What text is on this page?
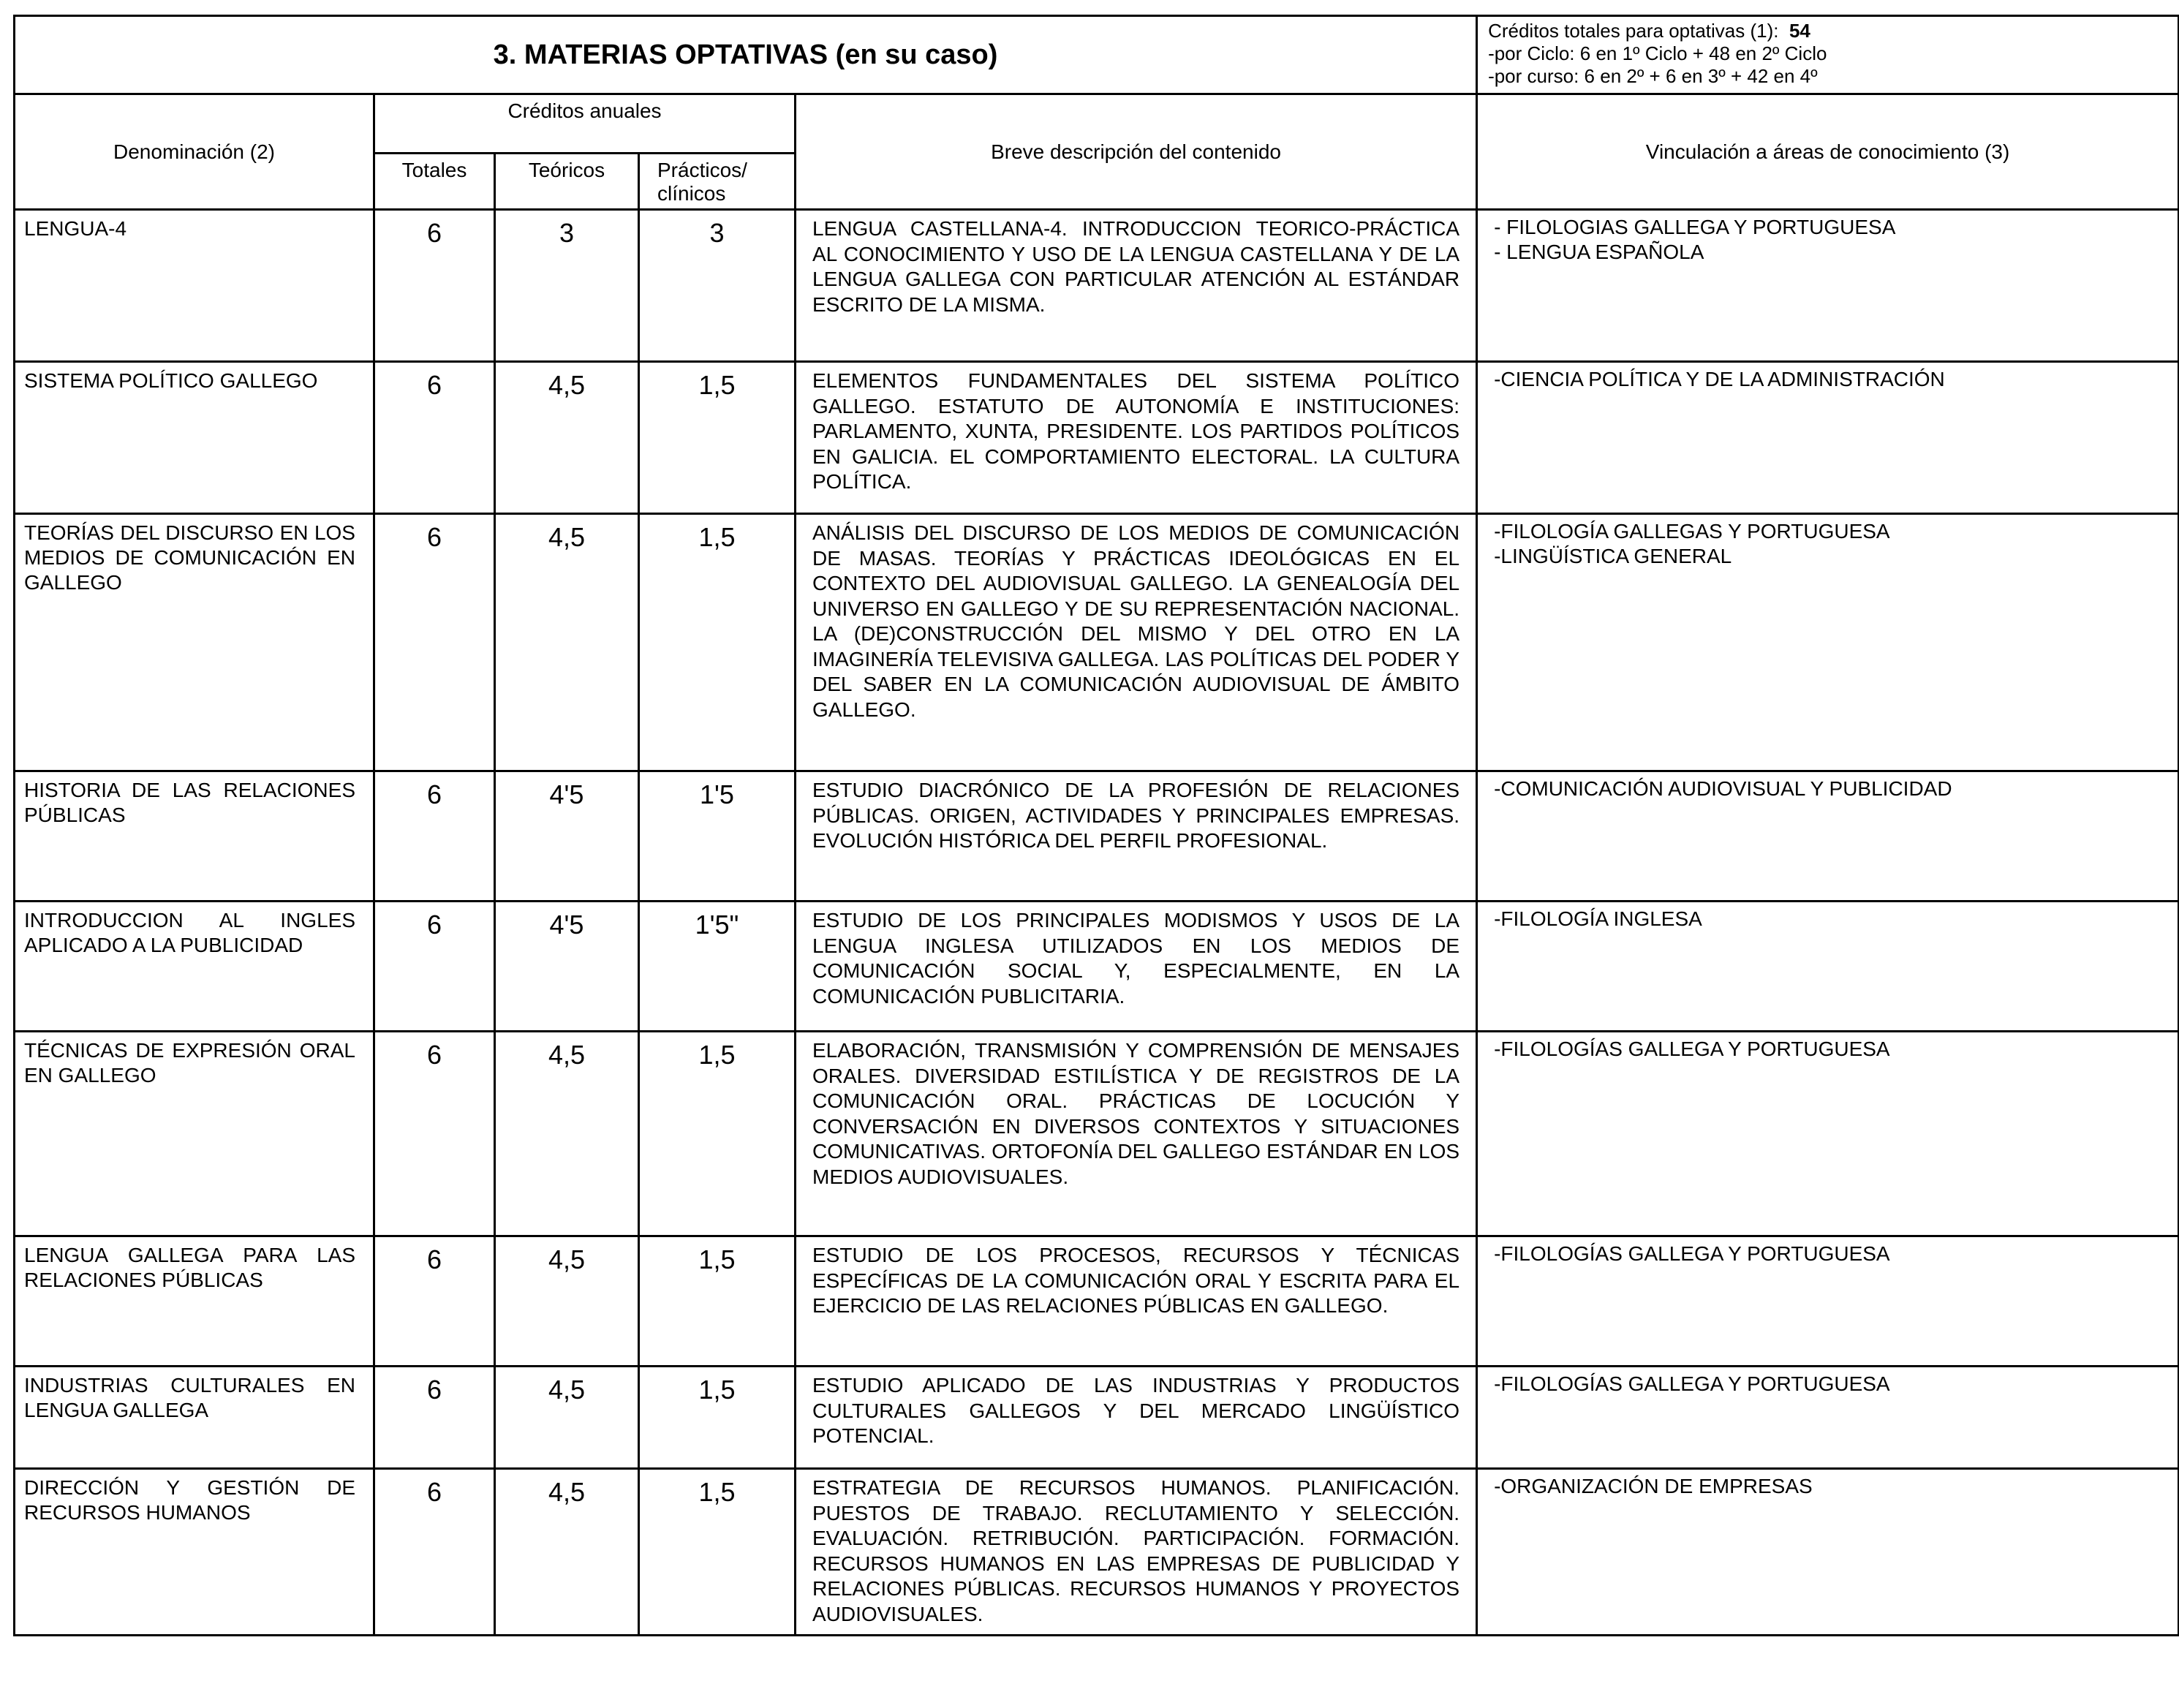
3. MATERIAS OPTATIVAS (en su caso)					Créditos totales para optativas (1): 54
-por Ciclo: 6 en 1º Ciclo + 48 en 2º Ciclo
-por curso: 6 en 2º + 6 en 3º + 42 en 4º

Denominación (2)	Créditos anuales			Breve descripción del contenido	Vinculación a áreas de conocimiento (3)
	Totales	Teóricos	Prácticos/ clínicos		
LENGUA-4	6	3	3	LENGUA CASTELLANA-4. INTRODUCCION TEORICO-PRÁCTICA AL CONOCIMIENTO Y USO DE LA LENGUA CASTELLANA Y DE LA LENGUA GALLEGA CON PARTICULAR ATENCIÓN AL ESTÁNDAR ESCRITO DE LA MISMA.	- FILOLOGIAS GALLEGA Y PORTUGUESA
- LENGUA ESPAÑOLA

SISTEMA POLÍTICO GALLEGO	6	4,5	1,5	ELEMENTOS FUNDAMENTALES DEL SISTEMA POLÍTICO GALLEGO. ESTATUTO DE AUTONOMÍA E INSTITUCIONES: PARLAMENTO, XUNTA, PRESIDENTE. LOS PARTIDOS POLÍTICOS EN GALICIA. EL COMPORTAMIENTO ELECTORAL. LA CULTURA POLÍTICA.	-CIENCIA POLÍTICA Y DE LA ADMINISTRACIÓN

TEORÍAS DEL DISCURSO EN LOS MEDIOS DE COMUNICACIÓN EN GALLEGO	6	4,5	1,5	ANÁLISIS DEL DISCURSO DE LOS MEDIOS DE COMUNICACIÓN DE MASAS. TEORÍAS Y PRÁCTICAS IDEOLÓGICAS EN EL CONTEXTO DEL AUDIOVISUAL GALLEGO. LA GENEALOGÍA DEL UNIVERSO EN GALLEGO Y DE SU REPRESENTACIÓN NACIONAL. LA (DE)CONSTRUCCIÓN DEL MISMO Y DEL OTRO EN LA IMAGINERÍA TELEVISIVA GALLEGA. LAS POLÍTICAS DEL PODER Y DEL SABER EN LA COMUNICACIÓN AUDIOVISUAL DE ÁMBITO GALLEGO.	-FILOLOGÍA GALLEGAS Y PORTUGUESA
-LINGÜÍSTICA GENERAL

HISTORIA DE LAS RELACIONES PÚBLICAS	6	4'5	1'5	ESTUDIO DIACRÓNICO DE LA PROFESIÓN DE RELACIONES PÚBLICAS. ORIGEN, ACTIVIDADES Y PRINCIPALES EMPRESAS. EVOLUCIÓN HISTÓRICA DEL PERFIL PROFESIONAL.	-COMUNICACIÓN AUDIOVISUAL Y PUBLICIDAD

INTRODUCCION AL INGLES APLICADO A LA PUBLICIDAD	6	4'5	1'5"	ESTUDIO DE LOS PRINCIPALES MODISMOS Y USOS DE LA LENGUA INGLESA UTILIZADOS EN LOS MEDIOS DE COMUNICACIÓN SOCIAL Y, ESPECIALMENTE, EN LA COMUNICACIÓN PUBLICITARIA.	-FILOLOGÍA INGLESA

TÉCNICAS DE EXPRESIÓN ORAL EN GALLEGO	6	4,5	1,5	ELABORACIÓN, TRANSMISIÓN Y COMPRENSIÓN DE MENSAJES ORALES. DIVERSIDAD ESTILÍSTICA Y DE REGISTROS DE LA COMUNICACIÓN ORAL. PRÁCTICAS DE LOCUCIÓN Y CONVERSACIÓN EN DIVERSOS CONTEXTOS Y SITUACIONES COMUNICATIVAS. ORTOFONÍA DEL GALLEGO ESTÁNDAR EN LOS MEDIOS AUDIOVISUALES.	-FILOLOGÍAS GALLEGA Y PORTUGUESA

LENGUA GALLEGA PARA LAS RELACIONES PÚBLICAS	6	4,5	1,5	ESTUDIO DE LOS PROCESOS, RECURSOS Y TÉCNICAS ESPECÍFICAS DE LA COMUNICACIÓN ORAL Y ESCRITA PARA EL EJERCICIO DE LAS RELACIONES PÚBLICAS EN GALLEGO.	-FILOLOGÍAS GALLEGA Y PORTUGUESA

INDUSTRIAS CULTURALES EN LENGUA GALLEGA	6	4,5	1,5	ESTUDIO APLICADO DE LAS INDUSTRIAS Y PRODUCTOS CULTURALES GALLEGOS Y DEL MERCADO LINGÜÍSTICO POTENCIAL.	-FILOLOGÍAS GALLEGA Y PORTUGUESA

DIRECCIÓN Y GESTIÓN DE RECURSOS HUMANOS	6	4,5	1,5	ESTRATEGIA DE RECURSOS HUMANOS. PLANIFICACIÓN. PUESTOS DE TRABAJO. RECLUTAMIENTO Y SELECCIÓN. EVALUACIÓN. RETRIBUCIÓN. PARTICIPACIÓN. FORMACIÓN. RECURSOS HUMANOS EN LAS EMPRESAS DE PUBLICIDAD Y RELACIONES PÚBLICAS. RECURSOS HUMANOS Y PROYECTOS AUDIOVISUALES.	-ORGANIZACIÓN DE EMPRESAS
